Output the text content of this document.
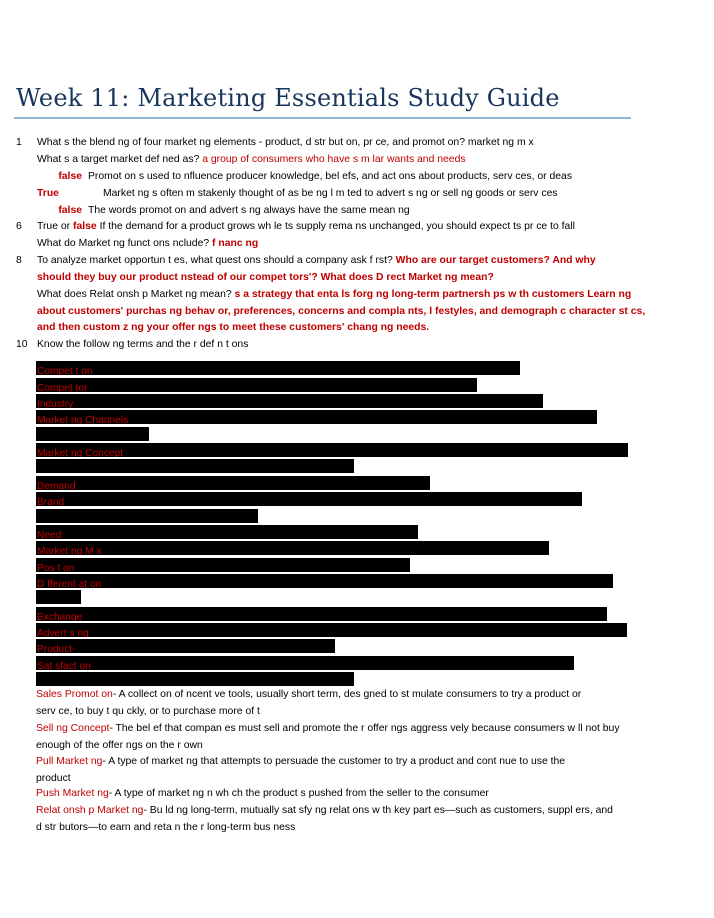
Week 11: Marketing Essentials Study Guide
1 What s the blend ng of four market ng elements - product, d str but on, pr ce, and promot on? market ng m x
What s a target market def ned as? a group of consumers who have s m lar wants and needs
false Promot on s used to nfluence producer knowledge, bel efs, and act ons about products, serv ces, or deas
True	Market ng s often m stakenly thought of as be ng l m ted to advert s ng or sell ng goods or serv ces
false The words promot on and advert s ng always have the same mean ng
6 True or false If the demand for a product grows wh le ts supply rema ns unchanged, you should expect ts pr ce to fall
What do Market ng funct ons nclude? f nanc ng
8 To analyze market opportun t es, what quest ons should a company ask f rst? Who are our target customers? And why
should they buy our product nstead of our compet tors'? What does D rect Market ng mean?
What does Relat onsh p Market ng mean? s a strategy that enta ls forg ng long-term partnersh ps w th customers Learn ng
about customers' purchas ng behav or, preferences, concerns and compla nts, l festyles, and demograph c character st cs,
and then custom z ng your offer ngs to meet these customers' chang ng needs.
10 Know the follow ng terms and the r def n t ons
Compet t on
Compet tor
Industry
Market ng Channels
Market ng Concept
Demand
Brand
Need
Market ng M x
Pos t on
D fferent at on
Exchange
Advert s ng
Product-
Sat sfact on
Sales Promot on- A collect on of ncent ve tools, usually short term, des gned to st mulate consumers to try a product or
serv ce, to buy t qu ckly, or to purchase more of t
Sell ng Concept- The bel ef that compan es must sell and promote the r offer ngs aggress vely because consumers w ll not buy
enough of the offer ngs on the r own
Pull Market ng- A type of market ng that attempts to persuade the customer to try a product and cont nue to use the
product
Push Market ng- A type of market ng n wh ch the product s pushed from the seller to the consumer
Relat onsh p Market ng- Bu ld ng long-term, mutually sat sfy ng relat ons w th key part es—such as customers, suppl ers, and
d str butors—to earn and reta n the r long-term bus ness
